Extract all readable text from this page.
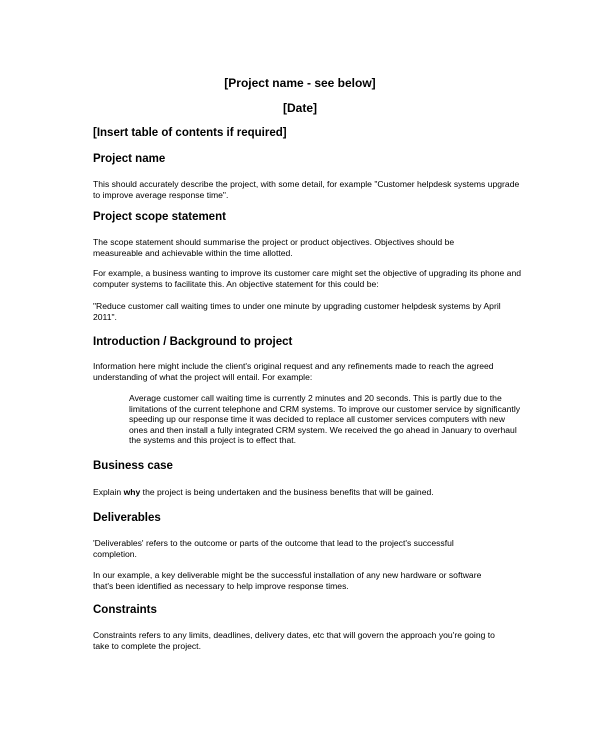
[Project name - see below]

[Date]

[Insert table of contents if required]

Project name

This should accurately describe the project, with some detail, for example "Customer helpdesk systems upgrade to improve average response time".

Project scope statement

The scope statement should summarise the project or product objectives. Objectives should be measureable and achievable within the time allotted.

For example, a business wanting to improve its customer care might set the objective of upgrading its phone and computer systems to facilitate this. An objective statement for this could be:

"Reduce customer call waiting times to under one minute by upgrading customer helpdesk systems by April 2011".

Introduction / Background to project

Information here might include the client's original request and any refinements made to reach the agreed understanding of what the project will entail. For example:

Average customer call waiting time is currently 2 minutes and 20 seconds. This is partly due to the limitations of the current telephone and CRM systems. To improve our customer service by significantly speeding up our response time it was decided to replace all customer services computers with new ones and then install a fully integrated CRM system. We received the go ahead in January to overhaul the systems and this project is to effect that.

Business case

Explain why the project is being undertaken and the business benefits that will be gained.

Deliverables

'Deliverables' refers to the outcome or parts of the outcome that lead to the project's successful completion.

In our example, a key deliverable might be the successful installation of any new hardware or software that's been identified as necessary to help improve response times.

Constraints

Constraints refers to any limits, deadlines, delivery dates, etc that will govern the approach you're going to take to complete the project.
